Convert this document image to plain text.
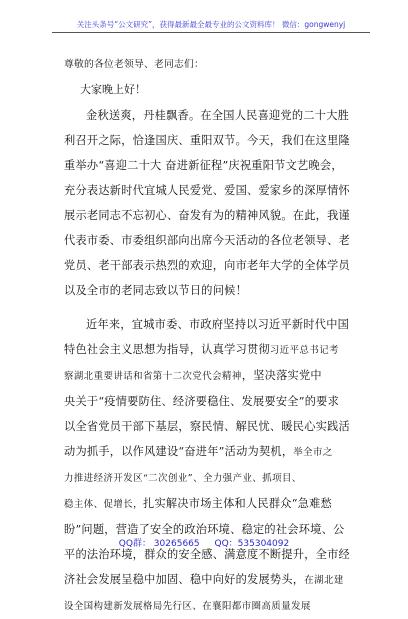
关注头条号“公文研究”，获得最新最全最专业的公文资料库！ 微信：gongwenyj

尊敬的各位老领导、老同志们：

大家晚上好！

金秋送爽，丹桂飘香。在全国人民喜迎党的二十大胜
利召开之际，恰逢国庆、重阳双节。今天，我们在这里隆
重举办“喜迎二十大 奋进新征程”庆祝重阳节文艺晚会，
充分表达新时代宜城人民爱党、爱国、爱家乡的深厚情怀
展示老同志不忘初心、奋发有为的精神风貌。在此，我谨
代表市委、市委组织部向出席今天活动的各位老领导、老
党员、老干部表示热烈的欢迎，向市老年大学的全体学员
以及全市的老同志致以节日的问候！
近年来，宜城市委、市政府坚持以习近平新时代中国
特色社会主义思想为指导，认真学习贯彻习近平总书记考
察湖北重要讲话和省第十二次党代会精神，坚决落实党中
央关于“疫情要防住、经济要稳住、发展要安全”的要求
以全省党员干部下基层，察民情、解民忧、暖民心实践活
动为抓手，以作风建设“奋进年”活动为契机，举全市之
力推进经济开发区“二次创业”、全力强产业、抓项目、
稳主体、促增长，扎实解决市场主体和人民群众“急难愁
盼”问题，营造了安全的政治环境、稳定的社会环境、公
平的法治环境，群众的安全感、满意度不断提升，全市经
济社会发展呈稳中加固、稳中向好的发展势头，在湖北建
设全国构建新发展格局先行区、在襄阳都市圈高质量发展
QQ群： 30265665 QQ：535304092
